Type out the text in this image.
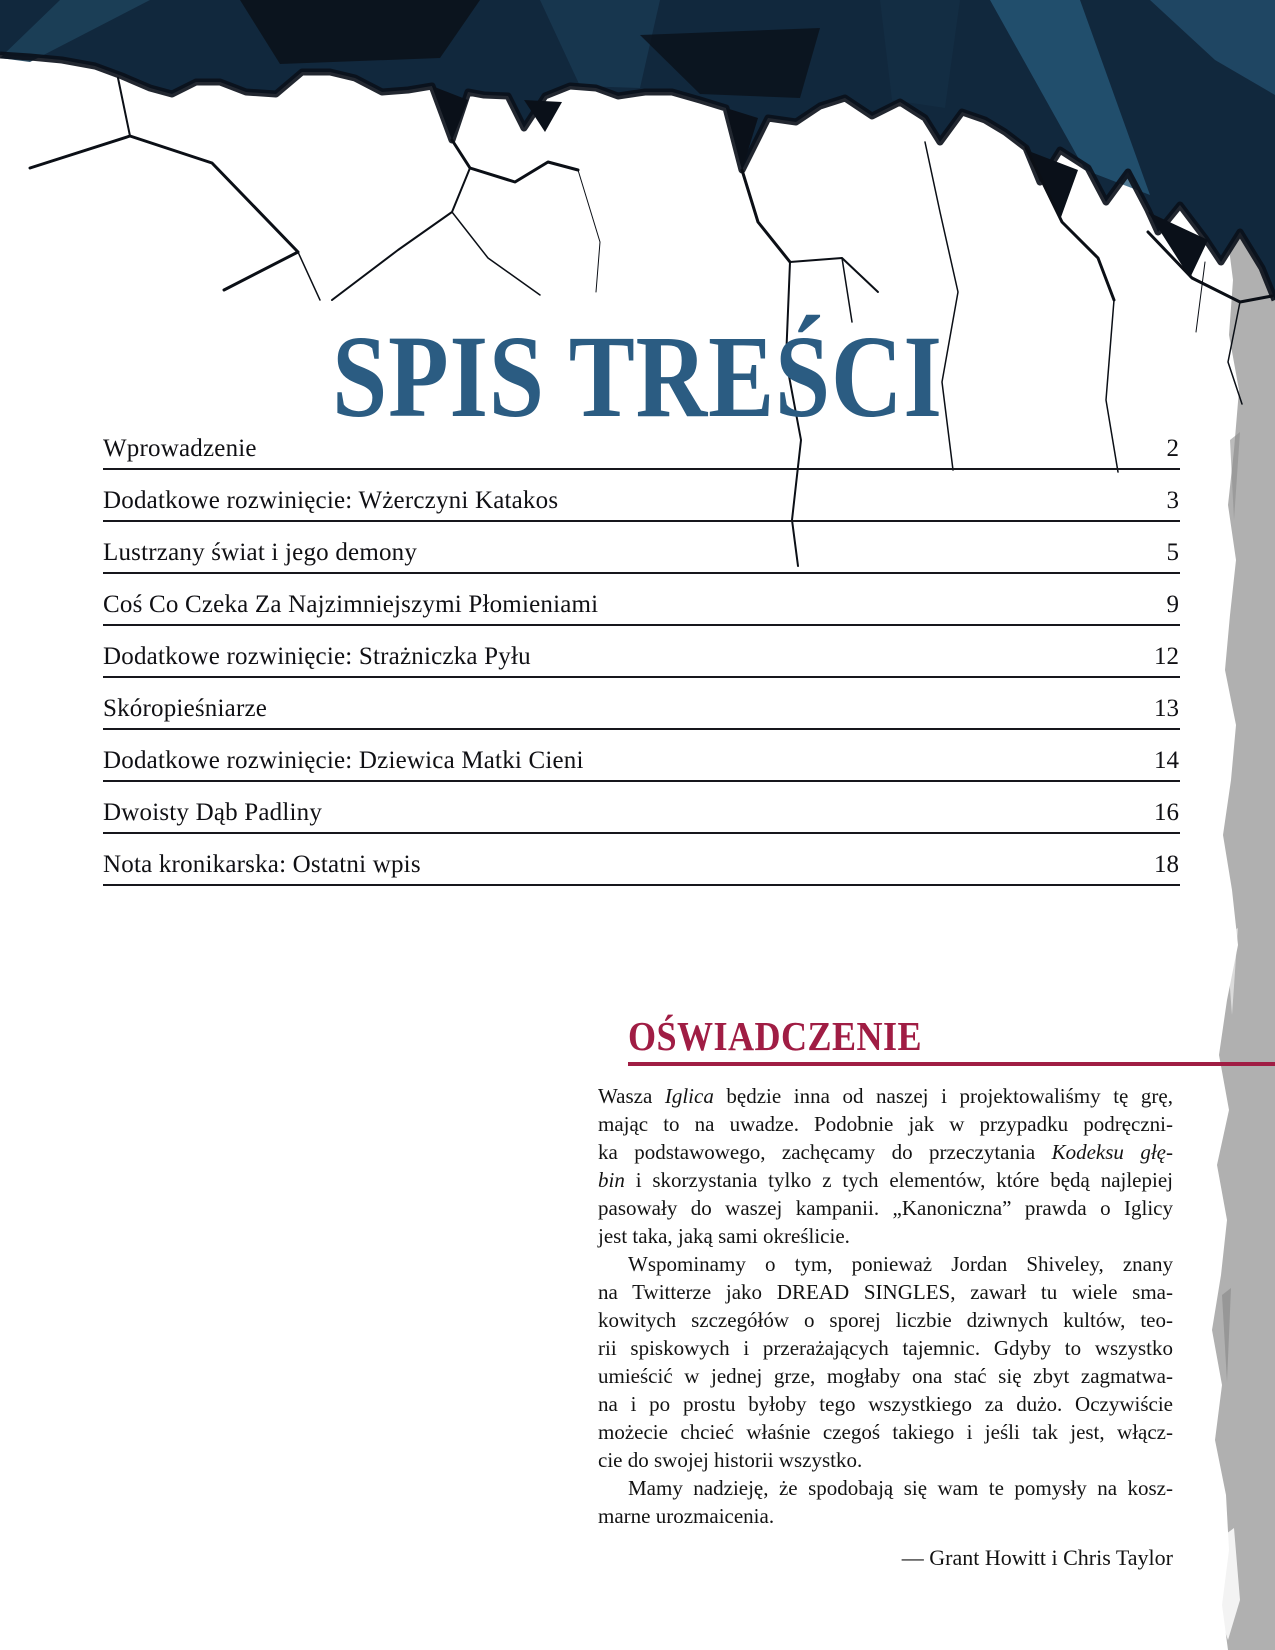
SPIS TREŚCI
Wprowadzenie	2
Dodatkowe rozwinięcie: Wżerczyni Katakos	3
Lustrzany świat i jego demony	5
Coś Co Czeka Za Najzimniejszymi Płomieniami	9
Dodatkowe rozwinięcie: Strażniczka Pyłu	12
Skóropieśniarze	13
Dodatkowe rozwinięcie: Dziewica Matki Cieni	14
Dwoisty Dąb Padliny	16
Nota kronikarska: Ostatni wpis	18
OŚWIADCZENIE
Wasza Iglica będzie inna od naszej i projektowaliśmy tę grę,
mając to na uwadze. Podobnie jak w przypadku podręczni-
ka podstawowego, zachęcamy do przeczytania Kodeksu głę-
bin i skorzystania tylko z tych elementów, które będą najlepiej
pasowały do waszej kampanii. „Kanoniczna” prawda o Iglicy
jest taka, jaką sami określicie.
Wspominamy o tym, ponieważ Jordan Shiveley, znany
na Twitterze jako DREAD SINGLES, zawarł tu wiele sma-
kowitych szczegółów o sporej liczbie dziwnych kultów, teo-
rii spiskowych i przerażających tajemnic. Gdyby to wszystko
umieścić w jednej grze, mogłaby ona stać się zbyt zagmatwa-
na i po prostu byłoby tego wszystkiego za dużo. Oczywiście
możecie chcieć właśnie czegoś takiego i jeśli tak jest, włącz-
cie do swojej historii wszystko.
Mamy nadzieję, że spodobają się wam te pomysły na kosz-
marne urozmaicenia.
— Grant Howitt i Chris Taylor
